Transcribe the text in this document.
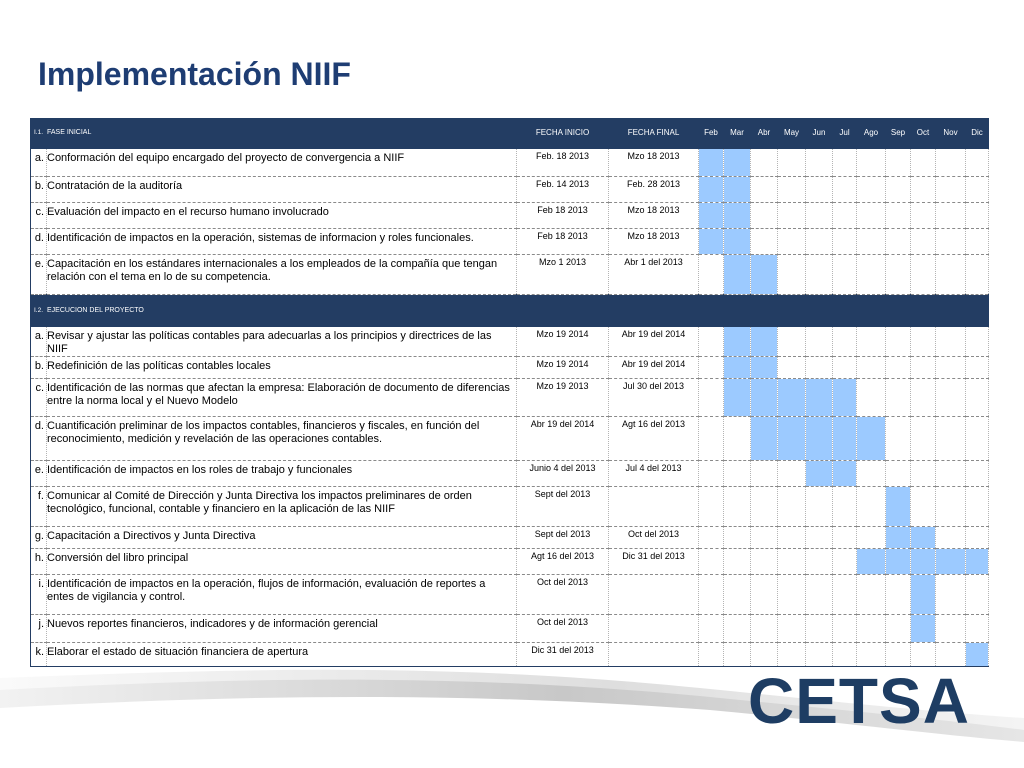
Implementación NIIF
I.1.	FASE INICIAL	FECHA INICIO	FECHA FINAL	Feb	Mar	Abr	May	Jun	Jul	Ago	Sep	Oct	Nov	Dic
a.	Conformación del equipo encargado del proyecto de convergencia a NIIF	Feb. 18 2013	Mzo 18 2013											
b.	Contratación de la auditoría	Feb. 14 2013	Feb. 28 2013											
c.	Evaluación del impacto en el recurso humano involucrado	Feb 18 2013	Mzo 18 2013											
d.	Identificación de impactos en la operación, sistemas de informacion y roles funcionales.	Feb 18 2013	Mzo 18 2013											
e.	Capacitación en los estándares internacionales a los empleados de la compañía que tengan relación con el tema en lo de su competencia.	Mzo 1 2013	Abr 1 del 2013											
I.2.	EJECUCION DEL PROYECTO													
a.	Revisar y ajustar las políticas contables para adecuarlas a los principios y directrices de las NIIF	Mzo 19 2014	Abr 19 del 2014											
b.	Redefinición de las políticas contables locales	Mzo 19 2014	Abr 19 del 2014											
c.	Identificación de las normas que afectan la empresa: Elaboración de documento de diferencias entre la norma local y el Nuevo Modelo	Mzo 19 2013	Jul 30 del 2013											
d.	Cuantificación preliminar de los impactos contables, financieros y fiscales, en función del reconocimiento, medición y revelación de las operaciones contables.	Abr 19 del 2014	Agt 16 del 2013											
e.	Identificación de impactos en los roles de trabajo y funcionales	Junio 4 del 2013	Jul 4 del 2013											
f.	Comunicar al Comité de Dirección y Junta Directiva los impactos preliminares de orden tecnológico, funcional, contable y financiero en la aplicación de las NIIF	Sept del 2013												
g.	Capacitación a Directivos y Junta Directiva	Sept del 2013	Oct del 2013											
h.	Conversión del libro principal	Agt 16 del 2013	Dic 31 del 2013											
i.	Identificación de impactos en la operación, flujos de información, evaluación de reportes a entes de vigilancia y control.	Oct del 2013												
j.	Nuevos reportes financieros, indicadores y de información gerencial	Oct del 2013												
k.	Elaborar el estado de situación financiera de apertura	Dic 31 del 2013												
CETSA
